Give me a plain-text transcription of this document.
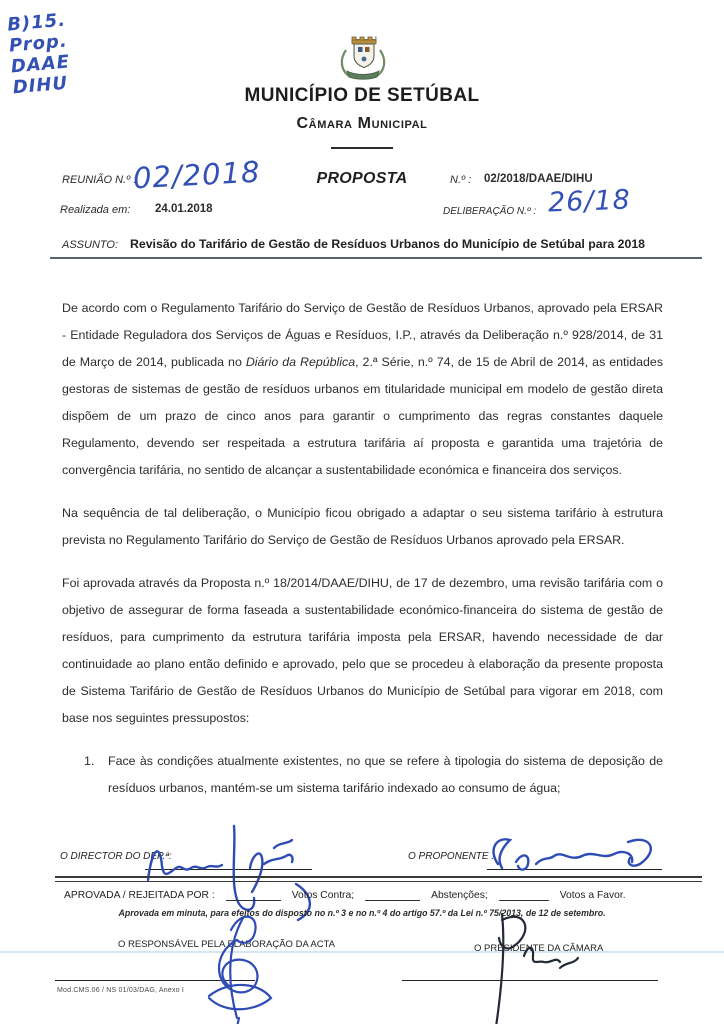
B)15.
Prop.
DAAE
DIHU	MUNICÍPIO DE SETÚBAL
Câmara Municipal
REUNIÃO N.º :
02/2018	PROPOSTA	N.º : 02/2018/DAAE/DIHU
Realizada em: 24.01.2018	DELIBERAÇÃO N.º : 26/18
ASSUNTO: Revisão do Tarifário de Gestão de Resíduos Urbanos do Município de Setúbal para 2018

De acordo com o Regulamento Tarifário do Serviço de Gestão de Resíduos Urbanos, aprovado pela ERSAR - Entidade Reguladora dos Serviços de Águas e Resíduos, I.P., através da Deliberação n.º 928/2014, de 31 de Março de 2014, publicada no Diário da República, 2.ª Série, n.º 74, de 15 de Abril de 2014, as entidades gestoras de sistemas de gestão de resíduos urbanos em titularidade municipal em modelo de gestão direta dispõem de um prazo de cinco anos para garantir o cumprimento das regras constantes daquele Regulamento, devendo ser respeitada a estrutura tarifária aí proposta e garantida uma trajetória de convergência tarifária, no sentido de alcançar a sustentabilidade económica e financeira dos serviços.

Na sequência de tal deliberação, o Município ficou obrigado a adaptar o seu sistema tarifário à estrutura prevista no Regulamento Tarifário do Serviço de Gestão de Resíduos Urbanos aprovado pela ERSAR.

Foi aprovada através da Proposta n.º 18/2014/DAAE/DIHU, de 17 de dezembro, uma revisão tarifária com o objetivo de assegurar de forma faseada a sustentabilidade económico-financeira do sistema de gestão de resíduos, para cumprimento da estrutura tarifária imposta pela ERSAR, havendo necessidade de dar continuidade ao plano então definido e aprovado, pelo que se procedeu à elaboração da presente proposta de Sistema Tarifário de Gestão de Resíduos Urbanos do Município de Setúbal para vigorar em 2018, com base nos seguintes pressupostos:

1.	Face às condições atualmente existentes, no que se refere à tipologia do sistema de deposição de resíduos urbanos, mantém-se um sistema tarifário indexado ao consumo de água;
O DIRECTOR DO DEP.ª:	O PROPONENTE :
APROVADA / REJEITADA POR :	Votos Contra;	Abstenções;	Votos a Favor.
Aprovada em minuta, para efeitos do disposto no n.º 3 e no n.º 4 do artigo 57.º da Lei n.º 75/2013, de 12 de setembro.
O RESPONSÁVEL PELA ELABORAÇÃO DA ACTA	O PRESIDENTE DA CÂMARA
Mod.CMS.06 / NS 01/03/DAG, Anexo I
